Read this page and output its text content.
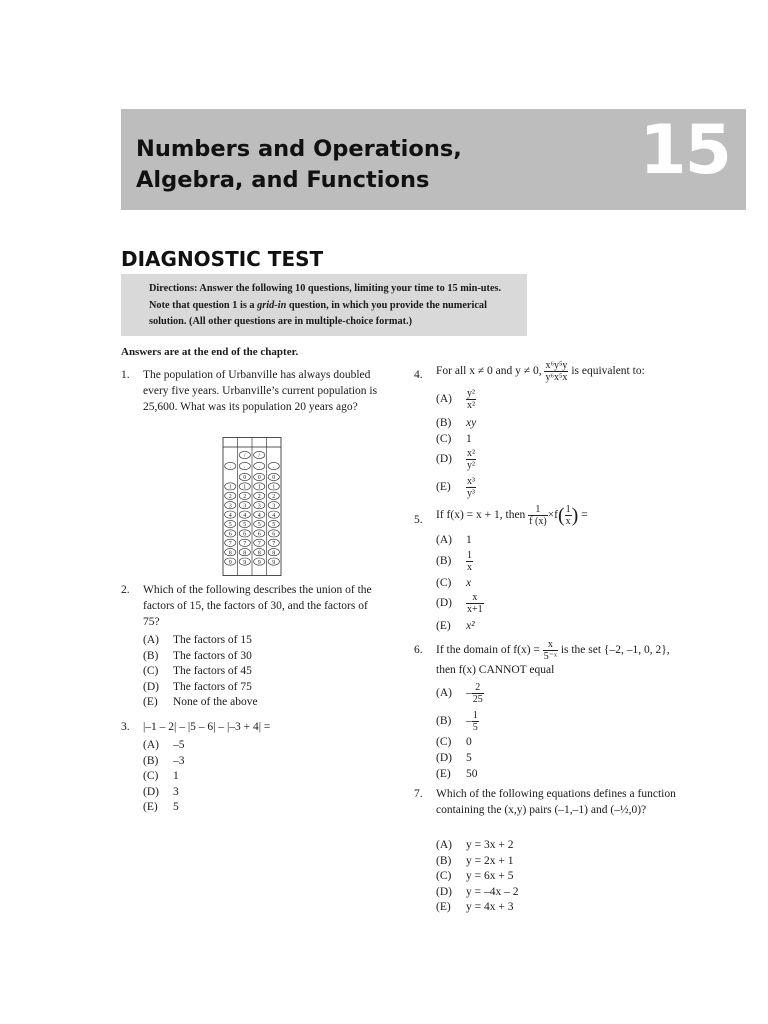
Numbers and Operations,
Algebra, and Functions	15
DIAGNOSTIC TEST

Directions: Answer the following 10 questions, limiting your time to 15 min-utes. Note that question 1 is a grid-in question, in which you provide the numerical solution. (All other questions are in multiple-choice format.)

Answers are at the end of the chapter.
1. The population of Urbanville has always doubled every five years. Urbanville’s current population is 25,600. What was its population 20 years ago?
/ /
. . . .
0 0 0
1 1 1 1
2 2 2 2
3 3 3 3
4 4 4 4
5 5 5 5
6 6 6 6
7 7 7 7
8 8 8 8
9 9 9 9
2. Which of the following describes the union of the factors of 15, the factors of 30, and the factors of 75?
(A) The factors of 15
(B) The factors of 30
(C) The factors of 45
(D) The factors of 75
(E) None of the above
3. |–1 – 2| – |5 – 6| – |–3 + 4| =
(A) –5
(B) –3
(C) 1
(D) 3
(E) 5
4. For all x ≠ 0 and y ≠ 0, $\frac{\text{x⁶y⁵y}}{\text{y⁶x⁵x}}$ is equivalent to:
$(A) \frac{\text{y²}}{\text{x²}}$
(B) xy
(C) 1
$(D) \frac{\text{x²}}{\text{y²}}$
$(E) \frac{\text{x³}}{\text{y³}}$
5. If f(x) = x + 1, then $\frac{1}{f (x)} \times f( \frac{1}{x}$ ) =
(A) 1
$(B) \frac{1}{x}$
(C) x
$(D) \frac{x}{x+1}$
(E) x²
6. If the domain of $f(x) = \frac{x}{\text{5⁻ˣ}}$ is the set {–2, –1, 0, 2}, then f(x) CANNOT equal
$(A) - \frac{2}{25}$
$(B) - \frac{1}{5}$
(C) 0
(D) 5
(E) 50
7. Which of the following equations defines a function containing the (x,y) pairs (–1,–1) and (–½,0)?
(A) y = 3x + 2
(B) y = 2x + 1
(C) y = 6x + 5
(D) y = –4x – 2
(E) y = 4x + 3
